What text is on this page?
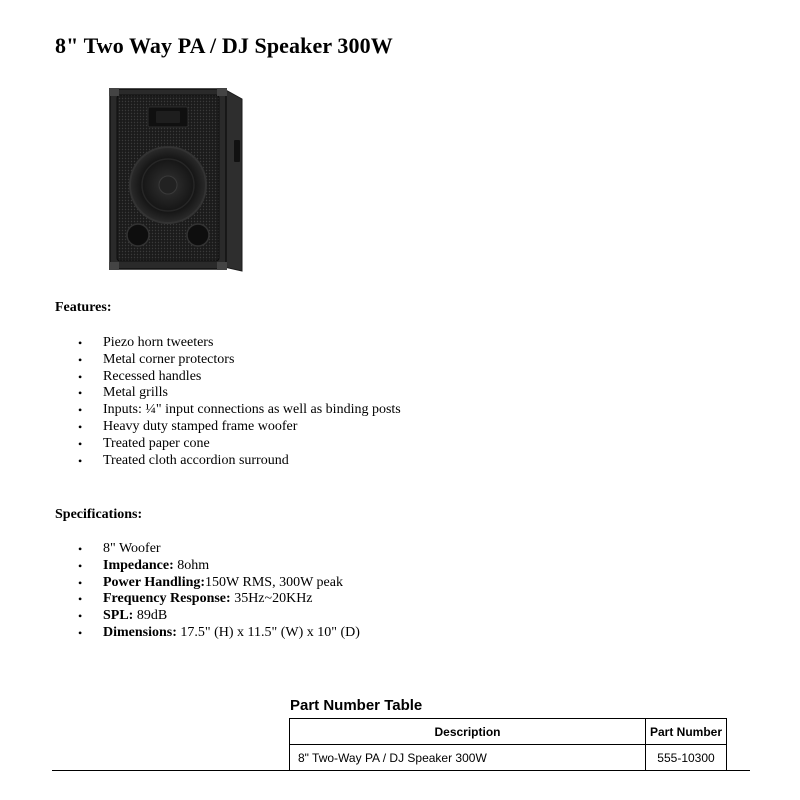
8" Two Way PA / DJ Speaker 300W
Features:
• Piezo horn tweeters
• Metal corner protectors
• Recessed handles
• Metal grills
• Inputs: ¼" input connections as well as binding posts
• Heavy duty stamped frame woofer
• Treated paper cone
• Treated cloth accordion surround
Specifications:
• 8" Woofer
• Impedance: 8ohm
• Power Handling:150W RMS, 300W peak
• Frequency Response: 35Hz~20KHz
• SPL: 89dB
• Dimensions: 17.5" (H) x 11.5" (W) x 10" (D)
Part Number Table
Description	Part Number
8" Two-Way PA / DJ Speaker 300W	555-10300
